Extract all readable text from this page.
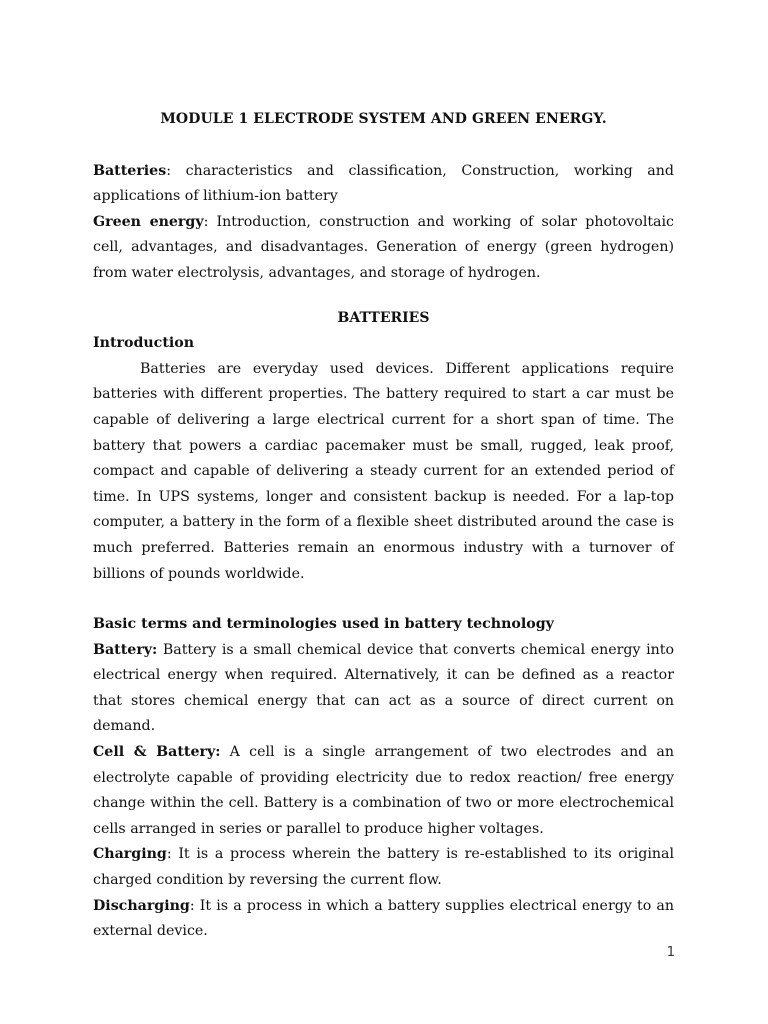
MODULE 1 ELECTRODE SYSTEM AND GREEN ENERGY.

Batteries: characteristics and classification, Construction, working and applications of lithium-ion battery

Green energy: Introduction, construction and working of solar photovoltaic cell, advantages, and disadvantages. Generation of energy (green hydrogen) from water electrolysis, advantages, and storage of hydrogen.

BATTERIES
Introduction

Batteries are everyday used devices. Different applications require batteries with different properties. The battery required to start a car must be capable of delivering a large electrical current for a short span of time. The battery that powers a cardiac pacemaker must be small, rugged, leak proof, compact and capable of delivering a steady current for an extended period of time. In UPS systems, longer and consistent backup is needed. For a lap-top computer, a battery in the form of a flexible sheet distributed around the case is much preferred. Batteries remain an enormous industry with a turnover of billions of pounds worldwide.

Basic terms and terminologies used in battery technology

Battery: Battery is a small chemical device that converts chemical energy into electrical energy when required. Alternatively, it can be defined as a reactor that stores chemical energy that can act as a source of direct current on demand.

Cell & Battery: A cell is a single arrangement of two electrodes and an electrolyte capable of providing electricity due to redox reaction/ free energy change within the cell. Battery is a combination of two or more electrochemical cells arranged in series or parallel to produce higher voltages.

Charging: It is a process wherein the battery is re-established to its original charged condition by reversing the current flow.

Discharging: It is a process in which a battery supplies electrical energy to an external device.

1
